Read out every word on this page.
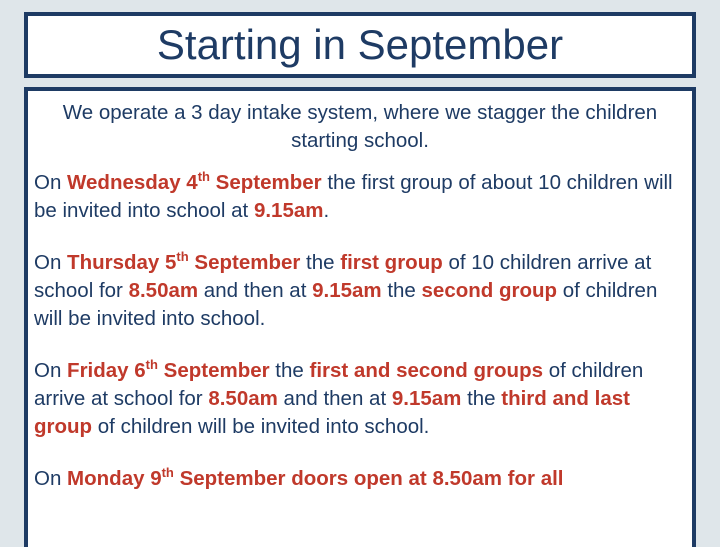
Starting in September

We operate a 3 day intake system, where we stagger the children starting school.

On Wednesday 4th September the first group of about 10 children will be invited into school at 9.15am.

On Thursday 5th September the first group of 10 children arrive at school for 8.50am and then at 9.15am the second group of children will be invited into school.

On Friday 6th September the first and second groups of children arrive at school for 8.50am and then at 9.15am the third and last group of children will be invited into school.

On Monday 9th September doors open at 8.50am for all
